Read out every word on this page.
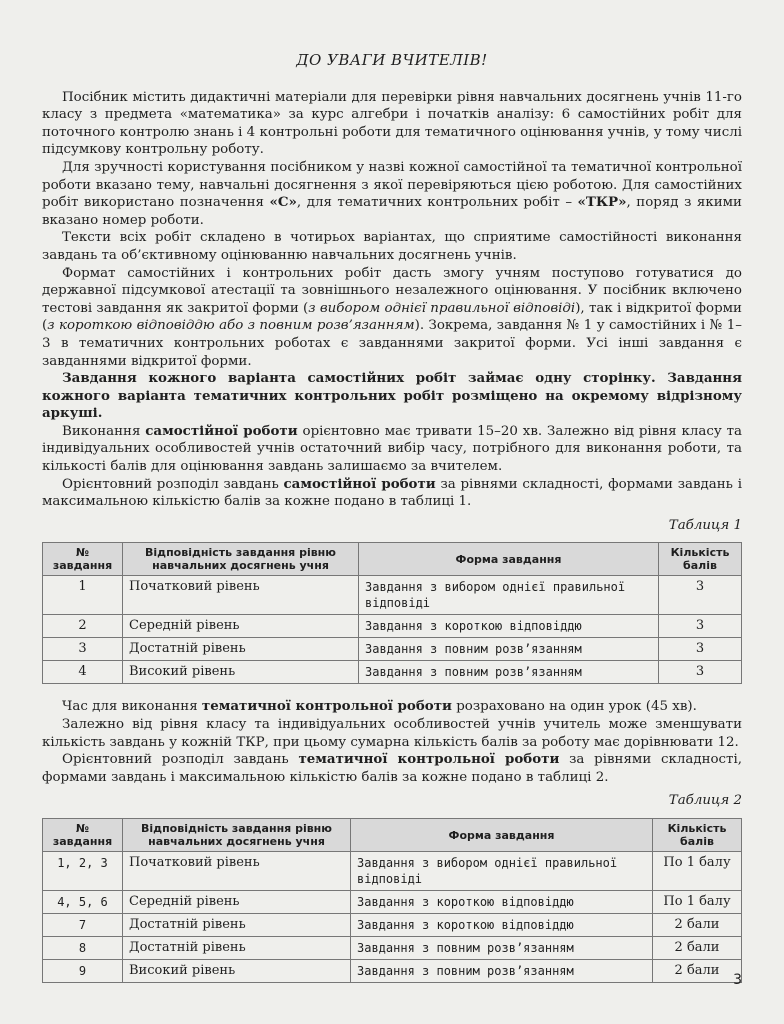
ДО УВАГИ ВЧИТЕЛІВ!

Посібник містить дидактичні матеріали для перевірки рівня навчальних досягнень учнів 11-го класу з предмета «математика» за курс алгебри і початків аналізу: 6 самостійних робіт для поточного контролю знань і 4 контрольні роботи для тематичного оцінювання учнів, у тому числі підсумкову контрольну роботу.

Для зручності користування посібником у назві кожної самостійної та тематичної контрольної роботи вказано тему, навчальні досягнення з якої перевіряються цією роботою. Для самостійних робіт використано позначення «С», для тематичних контрольних робіт – «ТКР», поряд з якими вказано номер роботи.

Тексти всіх робіт складено в чотирьох варіантах, що сприятиме самостійності виконання завдань та об’єктивному оцінюванню навчальних досягнень учнів.

Формат самостійних і контрольних робіт дасть змогу учням поступово готуватися до державної підсумкової атестації та зовнішнього незалежного оцінювання. У посібник включено тестові завдання як закритої форми (з вибором однієї правильної відповіді), так і відкритої форми (з короткою відповіддю або з повним розв’язанням). Зокрема, завдання № 1 у самостійних і № 1–3 в тематичних контрольних роботах є завданнями закритої форми. Усі інші завдання є завданнями відкритої форми.

Завдання кожного варіанта самостійних робіт займає одну сторінку. Завдання кожного варіанта тематичних контрольних робіт розміщено на окремому відрізному аркуші.

Виконання самостійної роботи орієнтовно має тривати 15–20 хв. Залежно від рівня класу та індивідуальних особливостей учнів остаточний вибір часу, потрібного для виконання роботи, та кількості балів для оцінювання завдань залишаємо за вчителем.

Орієнтовний розподіл завдань самостійної роботи за рівнями складності, формами завдань і максимальною кількістю балів за кожне подано в таблиці 1.

Таблиця 1
№ завдання	Відповідність завдання рівню навчальних досягнень учня	Форма завдання	Кількість балів
1	Початковий рівень	Завдання з вибором однієї правильної відповіді	3
2	Середній рівень	Завдання з короткою відповіддю	3
3	Достатній рівень	Завдання з повним розв’язанням	3
4	Високий рівень	Завдання з повним розв’язанням	3

Час для виконання тематичної контрольної роботи розраховано на один урок (45 хв).

Залежно від рівня класу та індивідуальних особливостей учнів учитель може зменшувати кількість завдань у кожній ТКР, при цьому сумарна кількість балів за роботу має дорівнювати 12.

Орієнтовний розподіл завдань тематичної контрольної роботи за рівнями складності, формами завдань і максимальною кількістю балів за кожне подано в таблиці 2.

Таблиця 2
№ завдання	Відповідність завдання рівню навчальних досягнень учня	Форма завдання	Кількість балів
1, 2, 3	Початковий рівень	Завдання з вибором однієї правильної відповіді	По 1 балу
4, 5, 6	Середній рівень	Завдання з короткою відповіддю	По 1 балу
7	Достатній рівень	Завдання з короткою відповіддю	2 бали
8	Достатній рівень	Завдання з повним розв’язанням	2 бали
9	Високий рівень	Завдання з повним розв’язанням	2 бали
3
